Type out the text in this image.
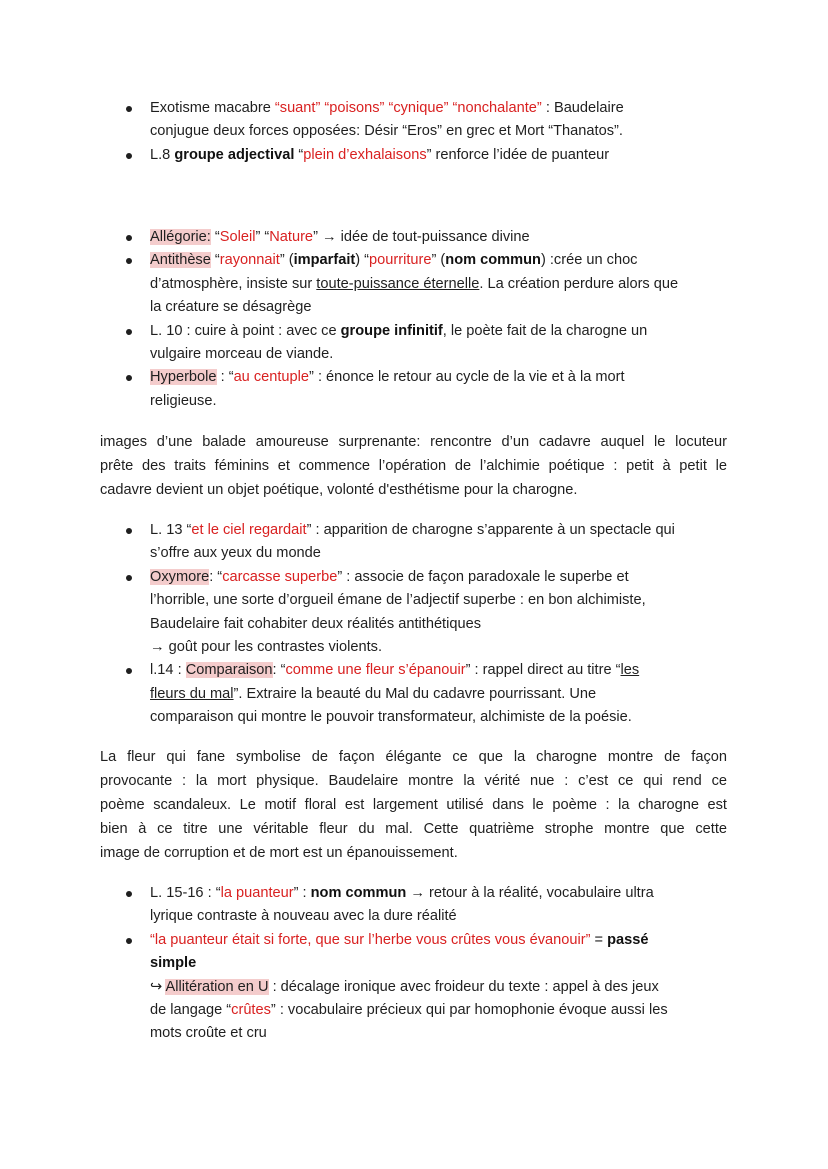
Exotisme macabre “suant” “poisons” “cynique” “nonchalante” : Baudelaire
conjugue deux forces opposées: Désir “Eros” en grec et Mort “Thanatos”.
L.8 groupe adjectival “plein d’exhalaisons” renforce l’idée de puanteur
Allégorie: “Soleil” “Nature” → idée de tout-puissance divine
Antithèse “rayonnait” (imparfait) “pourriture” (nom commun) :crée un choc
d’atmosphère, insiste sur toute-puissance éternelle. La création perdure alors que
la créature se désagrège
L. 10 : cuire à point : avec ce groupe infinitif, le poète fait de la charogne un
vulgaire morceau de viande.
Hyperbole : “au centuple” : énonce le retour au cycle de la vie et à la mort
religieuse.
images d’une balade amoureuse surprenante: rencontre d’un cadavre auquel le locuteur
prête des traits féminins et commence l’opération de l’alchimie poétique : petit à petit le
cadavre devient un objet poétique, volonté d'esthétisme pour la charogne.
L. 13 “et le ciel regardait” : apparition de charogne s’apparente à un spectacle qui
s’offre aux yeux du monde
Oxymore: “carcasse superbe” : associe de façon paradoxale le superbe et
l’horrible, une sorte d’orgueil émane de l’adjectif superbe : en bon alchimiste,
Baudelaire fait cohabiter deux réalités antithétiques
→ goût pour les contrastes violents.
l.14 : Comparaison: “comme une fleur s’épanouir” : rappel direct au titre “les
fleurs du mal”. Extraire la beauté du Mal du cadavre pourrissant. Une
comparaison qui montre le pouvoir transformateur, alchimiste de la poésie.
La fleur qui fane symbolise de façon élégante ce que la charogne montre de façon
provocante : la mort physique. Baudelaire montre la vérité nue : c’est ce qui rend ce
poème scandaleux. Le motif floral est largement utilisé dans le poème : la charogne est
bien à ce titre une véritable fleur du mal. Cette quatrième strophe montre que cette
image de corruption et de mort est un épanouissement.
L. 15-16 : “la puanteur” : nom commun → retour à la réalité, vocabulaire ultra
lyrique contraste à nouveau avec la dure réalité
“la puanteur était si forte, que sur l’herbe vous crûtes vous évanouir” = passé
simple
↪ Allitération en U : décalage ironique avec froideur du texte : appel à des jeux
de langage “crûtes” : vocabulaire précieux qui par homophonie évoque aussi les
mots croûte et cru
